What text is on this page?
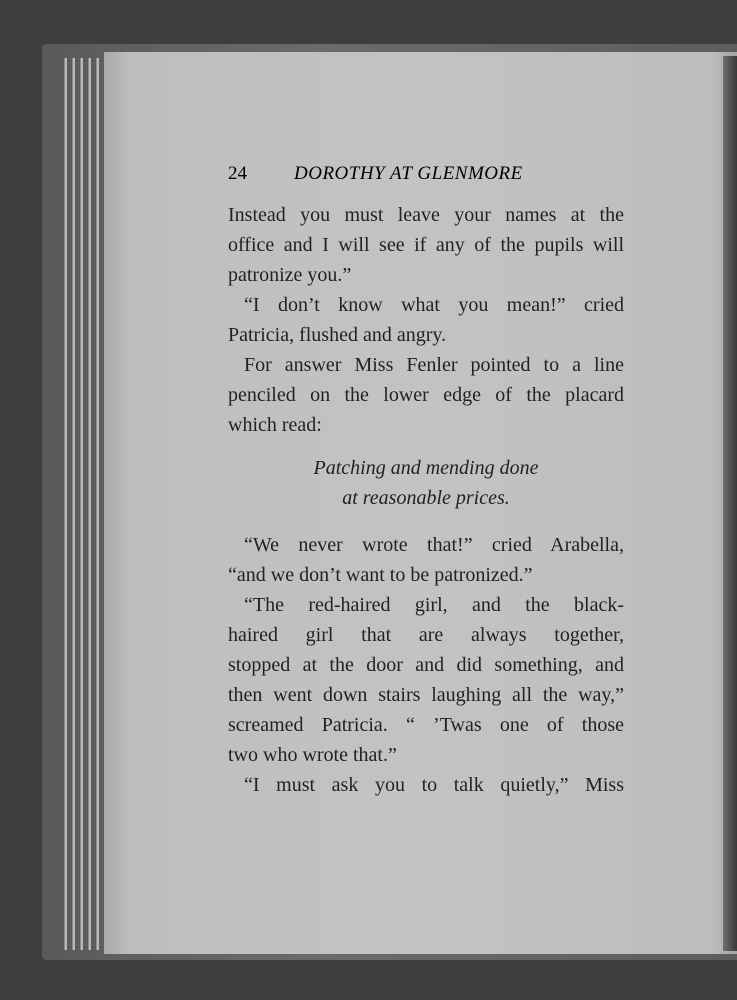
24 DOROTHY AT GLENMORE
Instead you must leave your names at the
office and I will see if any of the pupils will
patronize you.”
“I don’t know what you mean!” cried
Patricia, flushed and angry.
For answer Miss Fenler pointed to a line
penciled on the lower edge of the placard
which read:
Patching and mending done
at reasonable prices.
“We never wrote that!” cried Arabella,
“and we don’t want to be patronized.”
“The red-haired girl, and the black-
haired girl that are always together,
stopped at the door and did something, and
then went down stairs laughing all the way,”
screamed Patricia. “ ’Twas one of those
two who wrote that.”
“I must ask you to talk quietly,” Miss
